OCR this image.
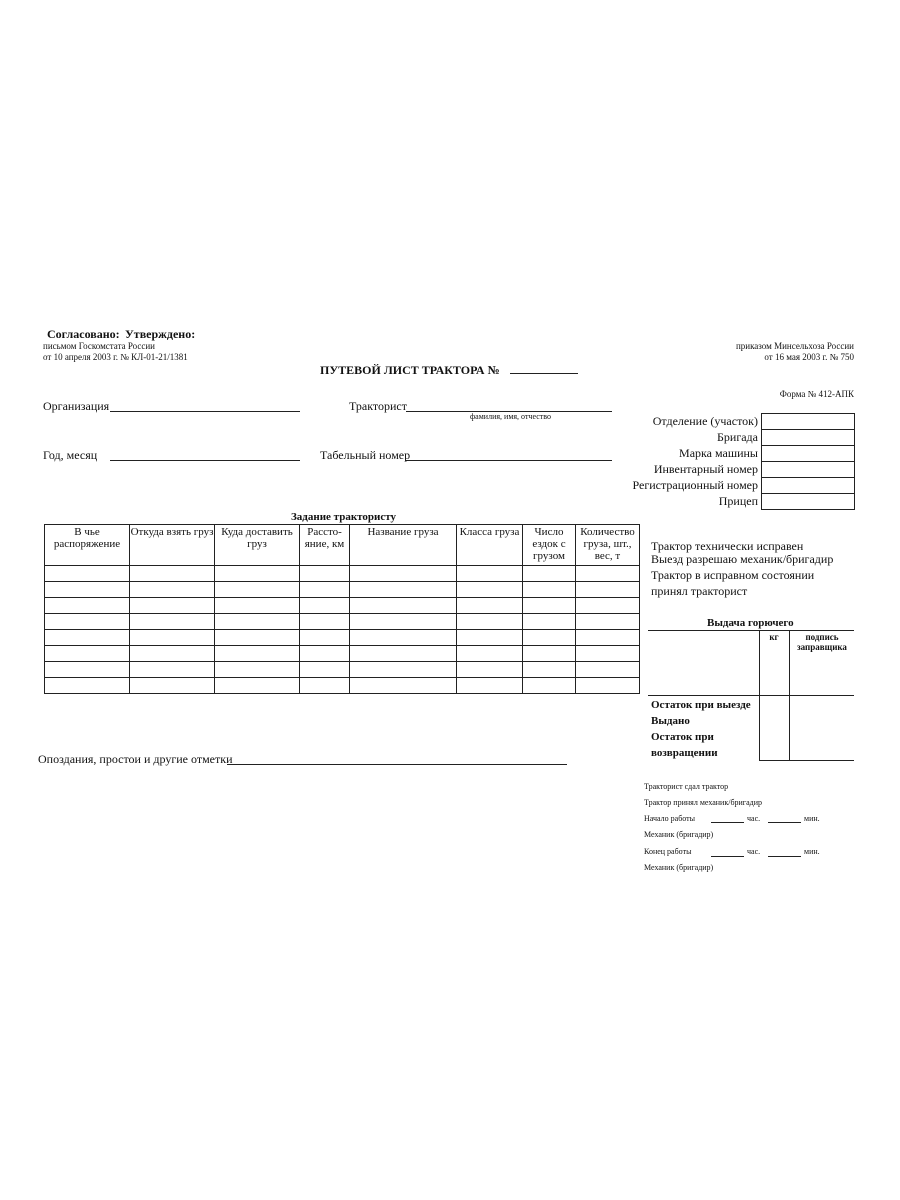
Согласовано: Утверждено:
письмом Госкомстата России
от 10 апреля 2003 г. № КЛ-01-21/1381
приказом Минсельхоза России
от 16 мая 2003 г. № 750
ПУТЕВОЙ ЛИСТ ТРАКТОРА №
Форма № 412-АПК
Организация	Тракторист
фамилия, имя, отчество
Год, месяц	Табельный номер
Отделение (участок)	
Бригада	
Марка машины	
Инвентарный номер	
Регистрационный номер	
Прицеп	
Задание трактористу
В чье распоряжение	Откуда взять груз	Куда доставить груз	Рассто-яние, км	Название груза	Класса груза	Число ездок с грузом	Количество груза, шт., вес, т

Трактор технически исправен
Выезд разрешаю механик/бригадир
Трактор в исправном состоянии
принял тракторист
Выдача горючего
кг	подпись заправщика
Остаток при выезде
Выдано
Остаток при
возвращении
Опоздания, простои и другие отметки
Тракторист сдал трактор
Трактор принял механик/бригадир
Начало работы	час.	мин.
Механик (бригадир)
Конец работы	час.	мин.
Механик (бригадир)
